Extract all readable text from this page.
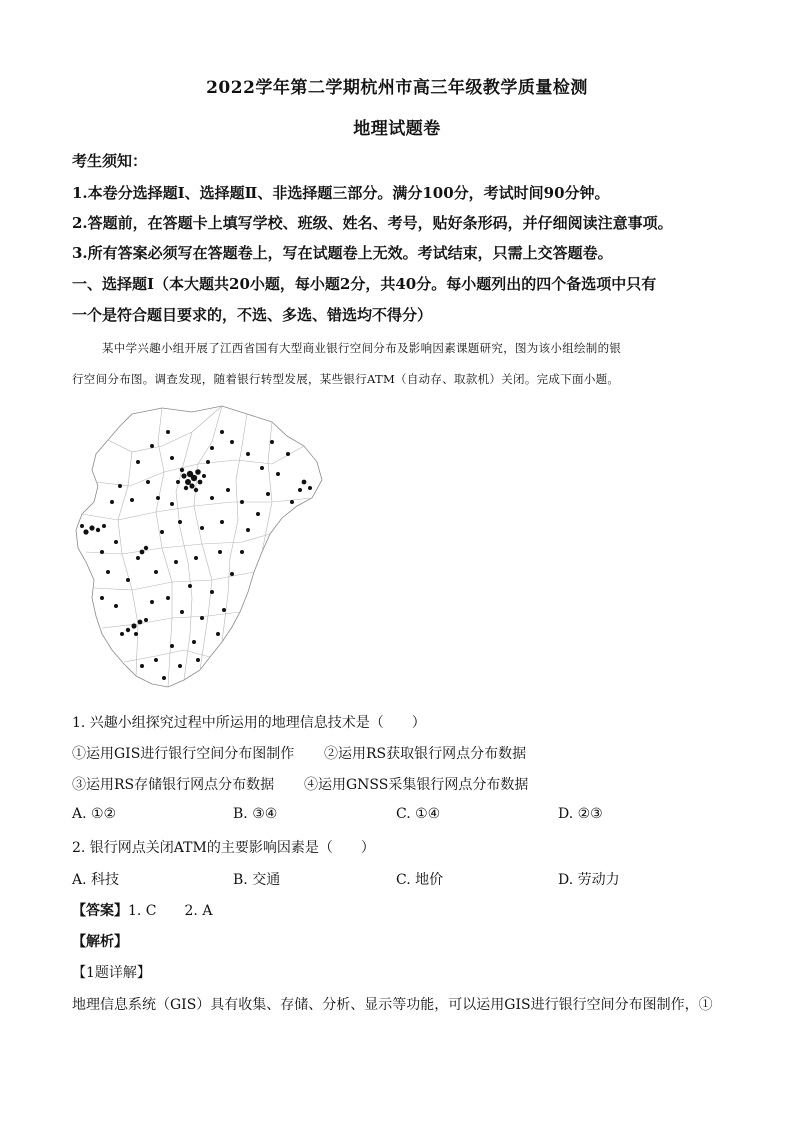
2022学年第二学期杭州市高三年级教学质量检测
地理试题卷
考生须知：
1.本卷分选择题Ⅰ、选择题Ⅱ、非选择题三部分。满分100分，考试时间90分钟。
2.答题前，在答题卡上填写学校、班级、姓名、考号，贴好条形码，并仔细阅读注意事项。
3.所有答案必须写在答题卷上，写在试题卷上无效。考试结束，只需上交答题卷。
一、选择题Ⅰ（本大题共20小题，每小题2分，共40分。每小题列出的四个备选项中只有
一个是符合题目要求的，不选、多选、错选均不得分）
某中学兴趣小组开展了江西省国有大型商业银行空间分布及影响因素课题研究，图为该小组绘制的银
行空间分布图。调查发现，随着银行转型发展，某些银行ATM（自动存、取款机）关闭。完成下面小题。
1. 兴趣小组探究过程中所运用的地理信息技术是（　　）
①运用GIS进行银行空间分布图制作 ②运用RS获取银行网点分布数据
③运用RS存储银行网点分布数据 ④运用GNSS采集银行网点分布数据
A. ①②	B. ③④	C. ①④	D. ②③
2. 银行网点关闭ATM的主要影响因素是（　　）
A. 科技	B. 交通	C. 地价	D. 劳动力
【答案】1. C　　2. A
【解析】
【1题详解】
地理信息系统（GIS）具有收集、存储、分析、显示等功能，可以运用GIS进行银行空间分布图制作，①
